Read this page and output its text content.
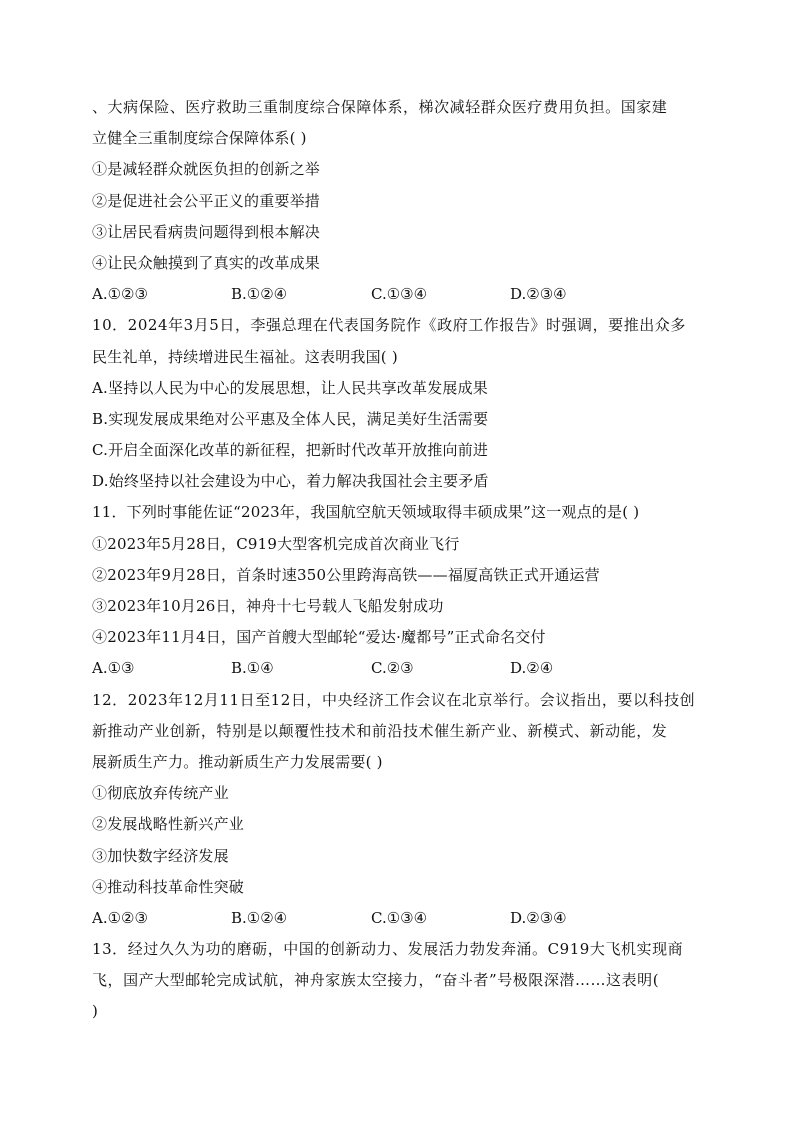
、大病保险、医疗救助三重制度综合保障体系，梯次减轻群众医疗费用负担。国家建
立健全三重制度综合保障体系( )
①是减轻群众就医负担的创新之举
②是促进社会公平正义的重要举措
③让居民看病贵问题得到根本解决
④让民众触摸到了真实的改革成果
A.①②③	B.①②④	C.①③④	D.②③④
10．2024年3月5日，李强总理在代表国务院作《政府工作报告》时强调，要推出众多
民生礼单，持续增进民生福祉。这表明我国( )
A.坚持以人民为中心的发展思想，让人民共享改革发展成果
B.实现发展成果绝对公平惠及全体人民，满足美好生活需要
C.开启全面深化改革的新征程，把新时代改革开放推向前进
D.始终坚持以社会建设为中心，着力解决我国社会主要矛盾
11．下列时事能佐证“2023年，我国航空航天领域取得丰硕成果”这一观点的是( )
①2023年5月28日，C919大型客机完成首次商业飞行
②2023年9月28日，首条时速350公里跨海高铁——福厦高铁正式开通运营
③2023年10月26日，神舟十七号载人飞船发射成功
④2023年11月4日，国产首艘大型邮轮“爱达·魔都号”正式命名交付
A.①③	B.①④	C.②③	D.②④
12．2023年12月11日至12日，中央经济工作会议在北京举行。会议指出，要以科技创
新推动产业创新，特别是以颠覆性技术和前沿技术催生新产业、新模式、新动能，发
展新质生产力。推动新质生产力发展需要( )
①彻底放弃传统产业
②发展战略性新兴产业
③加快数字经济发展
④推动科技革命性突破
A.①②③	B.①②④	C.①③④	D.②③④
13．经过久久为功的磨砺，中国的创新动力、发展活力勃发奔涌。C919大飞机实现商
飞，国产大型邮轮完成试航，神舟家族太空接力，“奋斗者”号极限深潜……这表明(
)
